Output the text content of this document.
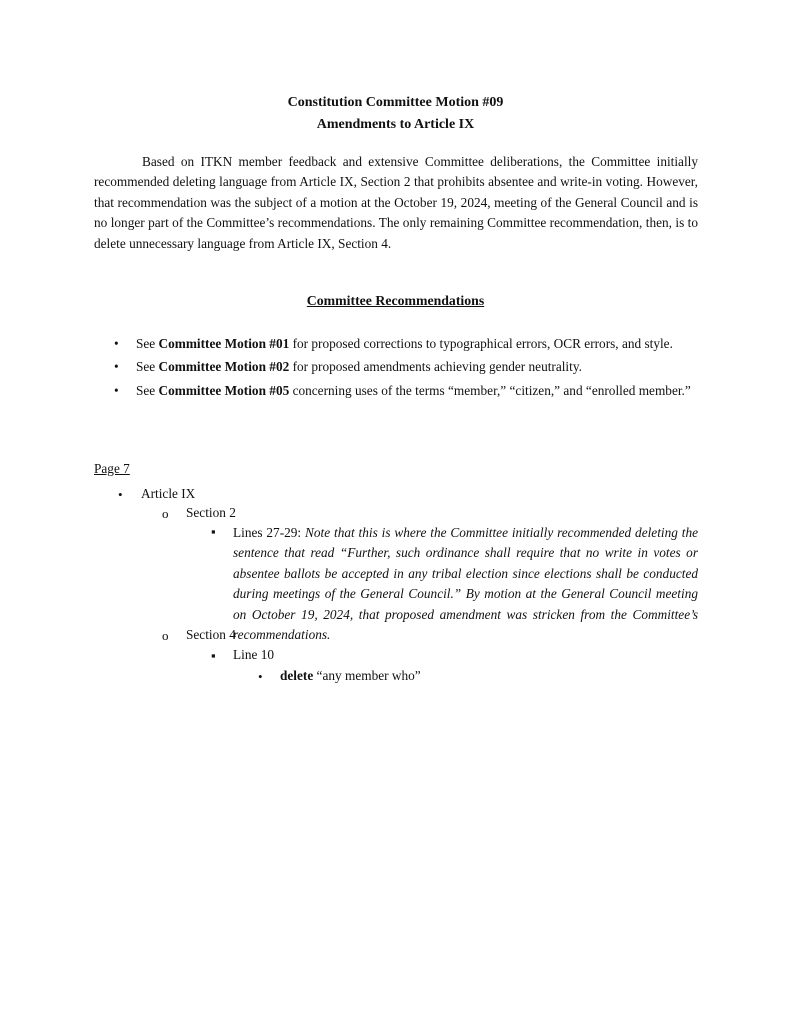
Constitution Committee Motion #09
Amendments to Article IX

Based on ITKN member feedback and extensive Committee deliberations, the Committee initially recommended deleting language from Article IX, Section 2 that prohibits absentee and write-in voting. However, that recommendation was the subject of a motion at the October 19, 2024, meeting of the General Council and is no longer part of the Committee’s recommendations. The only remaining Committee recommendation, then, is to delete unnecessary language from Article IX, Section 4.

Committee Recommendations
• See Committee Motion #01 for proposed corrections to typographical errors, OCR errors, and style.
• See Committee Motion #02 for proposed amendments achieving gender neutrality.
• See Committee Motion #05 concerning uses of the terms “member,” “citizen,” and “enrolled member.”
Page 7
• Article IX
o Section 2
▪ Lines 27-29: Note that this is where the Committee initially recommended deleting the sentence that read “Further, such ordinance shall require that no write in votes or absentee ballots be accepted in any tribal election since elections shall be conducted during meetings of the General Council.” By motion at the General Council meeting on October 19, 2024, that proposed amendment was stricken from the Committee’s recommendations.

o Section 4
▪ Line 10
• delete “any member who”
